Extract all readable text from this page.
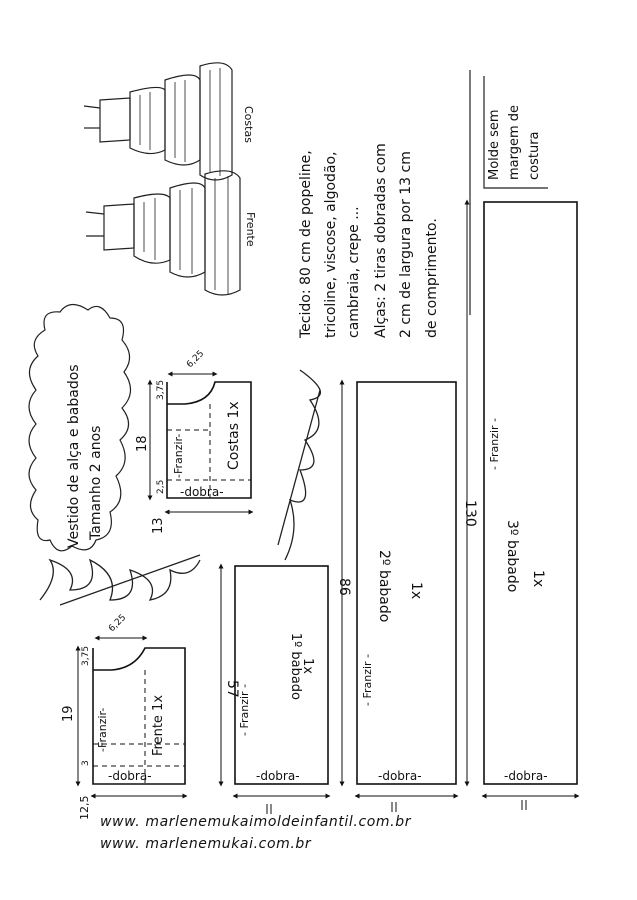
Costas
Frente
Vestido de alça e babados Tamanho 2 anos
Marlene Mukai
Marlene Mukai
Tecido: 80 cm de popeline, tricoline, viscose, algodão, cambraia, crepe ... Alças: 2 tiras dobradas com 2 cm de largura por 13 cm de comprimento.
Molde sem margem de costura
Costas 1x
-Franzir-
-dobra-
18
13
3,75
6,25
2,5
Frente 1x
-Franzir-
-dobra-
19
12,5
3,75
6,25
3
1º babado
1x
- Franzir -
-dobra-
57
2º babado 1x
- Franzir -
-dobra-
86	3º babado 1x
- Franzir -
-dobra-
130
www. marlenemukaimoldeinfantil.com.br
www. marlenemukai.com.br
